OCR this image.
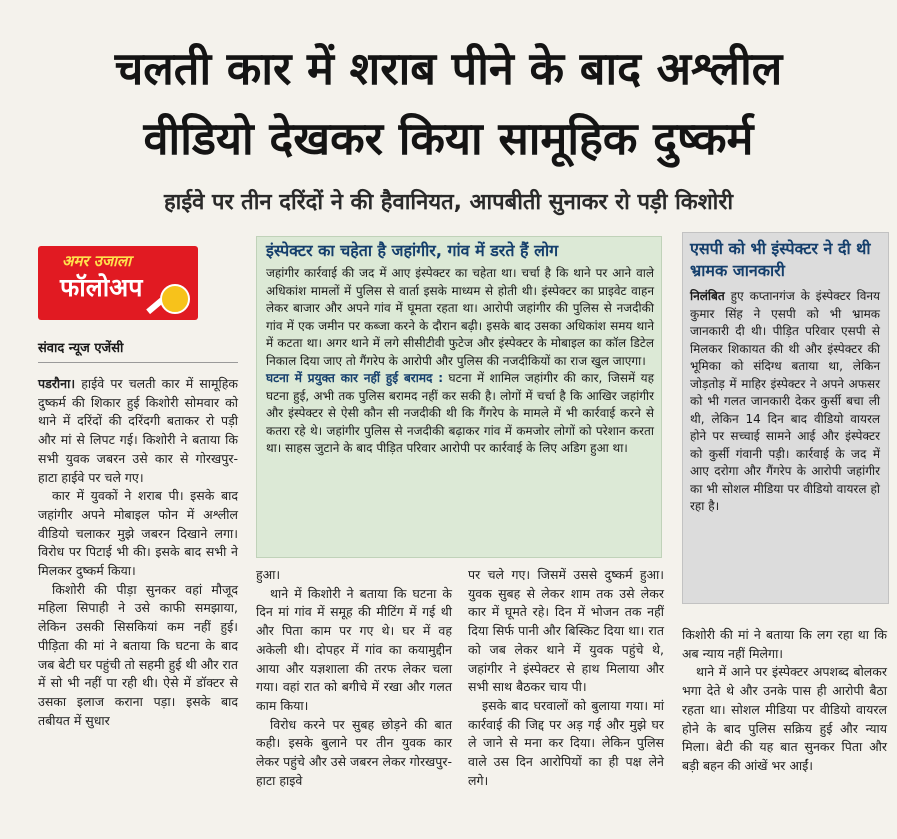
चलती कार में शराब पीने के बाद अश्लील
वीडियो देखकर किया सामूहिक दुष्कर्म
हाईवे पर तीन दरिंदों ने की हैवानियत, आपबीती सुनाकर रो पड़ी किशोरी
अमर उजाला
फॉलोअप
संवाद न्यूज एजेंसी

पडरौना। हाईवे पर चलती कार में सामूहिक दुष्कर्म की शिकार हुई किशोरी सोमवार को थाने में दरिंदों की दरिंदगी बताकर रो पड़ी और मां से लिपट गई। किशोरी ने बताया कि सभी युवक जबरन उसे कार से गोरखपुर-हाटा हाईवे पर चले गए।

कार में युवकों ने शराब पी। इसके बाद जहांगीर अपने मोबाइल फोन में अश्लील वीडियो चलाकर मुझे जबरन दिखाने लगा। विरोध पर पिटाई भी की। इसके बाद सभी ने मिलकर दुष्कर्म किया।

किशोरी की पीड़ा सुनकर वहां मौजूद महिला सिपाही ने उसे काफी समझाया, लेकिन उसकी सिसकियां कम नहीं हुई। पीड़िता की मां ने बताया कि घटना के बाद जब बेटी घर पहुंची तो सहमी हुई थी और रात में सो भी नहीं पा रही थी। ऐसे में डॉक्टर से उसका इलाज कराना पड़ा। इसके बाद तबीयत में सुधार

इंस्पेक्टर का चहेता है जहांगीर, गांव में डरते हैं लोग

जहांगीर कार्रवाई की जद में आए इंस्पेक्टर का चहेता था। चर्चा है कि थाने पर आने वाले अधिकांश मामलों में पुलिस से वार्ता इसके माध्यम से होती थी। इंस्पेक्टर का प्राइवेट वाहन लेकर बाजार और अपने गांव में घूमता रहता था। आरोपी जहांगीर की पुलिस से नजदीकी गांव में एक जमीन पर कब्जा करने के दौरान बढ़ी। इसके बाद उसका अधिकांश समय थाने में कटता था। अगर थाने में लगे सीसीटीवी फुटेज और इंस्पेक्टर के मोबाइल का कॉल डिटेल निकाल दिया जाए तो गैंगरेप के आरोपी और पुलिस की नजदीकियों का राज खुल जाएगा।

घटना में प्रयुक्त कार नहीं हुई बरामद : घटना में शामिल जहांगीर की कार, जिसमें यह घटना हुई, अभी तक पुलिस बरामद नहीं कर सकी है। लोगों में चर्चा है कि आखिर जहांगीर और इंस्पेक्टर से ऐसी कौन सी नजदीकी थी कि गैंगरेप के मामले में भी कार्रवाई करने से कतरा रहे थे। जहांगीर पुलिस से नजदीकी बढ़ाकर गांव में कमजोर लोगों को परेशान करता था। साहस जुटाने के बाद पीड़ित परिवार आरोपी पर कार्रवाई के लिए अडिग हुआ था।

एसपी को भी इंस्पेक्टर ने दी थी भ्रामक जानकारी

निलंबित हुए कप्तानगंज के इंस्पेक्टर विनय कुमार सिंह ने एसपी को भी भ्रामक जानकारी दी थी। पीड़ित परिवार एसपी से मिलकर शिकायत की थी और इंस्पेक्टर की भूमिका को संदिग्ध बताया था, लेकिन जोड़तोड़ में माहिर इंस्पेक्टर ने अपने अफसर को भी गलत जानकारी देकर कुर्सी बचा ली थी, लेकिन 14 दिन बाद वीडियो वायरल होने पर सच्चाई सामने आई और इंस्पेक्टर को कुर्सी गंवानी पड़ी। कार्रवाई के जद में आए दरोगा और गैंगरेप के आरोपी जहांगीर का भी सोशल मीडिया पर वीडियो वायरल हो रहा है।

हुआ।

थाने में किशोरी ने बताया कि घटना के दिन मां गांव में समूह की मीटिंग में गई थी और पिता काम पर गए थे। घर में वह अकेली थी। दोपहर में गांव का कयामुद्दीन आया और यज्ञशाला की तरफ लेकर चला गया। वहां रात को बगीचे में रखा और गलत काम किया।

विरोध करने पर सुबह छोड़ने की बात कही। इसके बुलाने पर तीन युवक कार लेकर पहुंचे और उसे जबरन लेकर गोरखपुर-हाटा हाइवे

पर चले गए। जिसमें उससे दुष्कर्म हुआ। युवक सुबह से लेकर शाम तक उसे लेकर कार में घूमते रहे। दिन में भोजन तक नहीं दिया सिर्फ पानी और बिस्किट दिया था। रात को जब लेकर थाने में युवक पहुंचे थे, जहांगीर ने इंस्पेक्टर से हाथ मिलाया और सभी साथ बैठकर चाय पी।

इसके बाद घरवालों को बुलाया गया। मां कार्रवाई की जिद्द पर अड़ गई और मुझे घर ले जाने से मना कर दिया। लेकिन पुलिस वाले उस दिन आरोपियों का ही पक्ष लेने लगे।

किशोरी की मां ने बताया कि लग रहा था कि अब न्याय नहीं मिलेगा।

थाने में आने पर इंस्पेक्टर अपशब्द बोलकर भगा देते थे और उनके पास ही आरोपी बैठा रहता था। सोशल मीडिया पर वीडियो वायरल होने के बाद पुलिस सक्रिय हुई और न्याय मिला। बेटी की यह बात सुनकर पिता और बड़ी बहन की आंखें भर आईं।
